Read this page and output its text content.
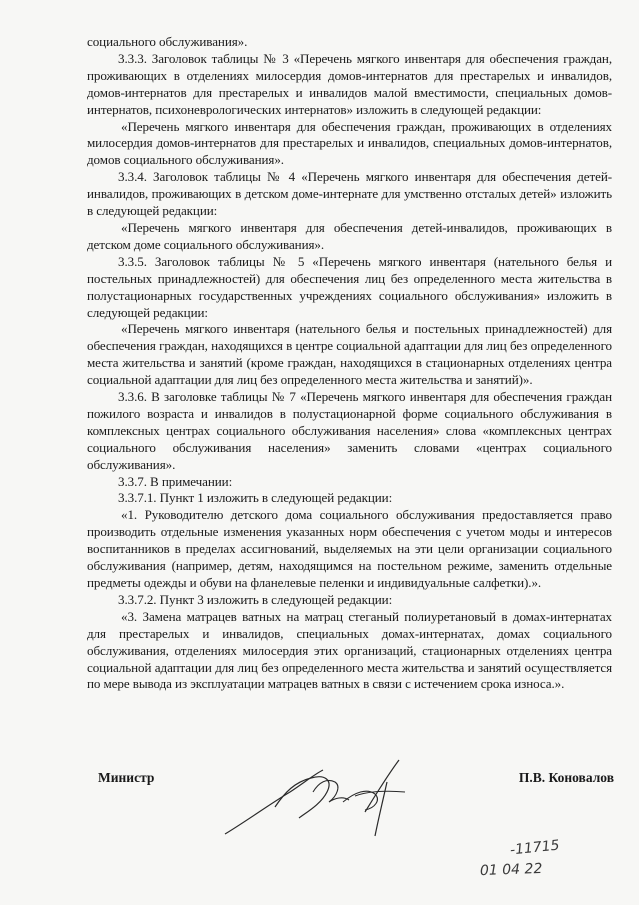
социального обслуживания».

3.3.3. Заголовок таблицы № 3 «Перечень мягкого инвентаря для обеспечения граждан, проживающих в отделениях милосердия домов-интернатов для престарелых и инвалидов, домов-интернатов для престарелых и инвалидов малой вместимости, специальных домов-интернатов, психоневрологических интернатов» изложить в следующей редакции:

«Перечень мягкого инвентаря для обеспечения граждан, проживающих в отделениях милосердия домов-интернатов для престарелых и инвалидов, специальных домов-интернатов, домов социального обслуживания».

3.3.4. Заголовок таблицы № 4 «Перечень мягкого инвентаря для обеспечения детей-инвалидов, проживающих в детском доме-интернате для умственно отсталых детей» изложить в следующей редакции:

«Перечень мягкого инвентаря для обеспечения детей-инвалидов, проживающих в детском доме социального обслуживания».

3.3.5. Заголовок таблицы № 5 «Перечень мягкого инвентаря (нательного белья и постельных принадлежностей) для обеспечения лиц без определенного места жительства в полустационарных государственных учреждениях социального обслуживания» изложить в следующей редакции:

«Перечень мягкого инвентаря (нательного белья и постельных принадлежностей) для обеспечения граждан, находящихся в центре социальной адаптации для лиц без определенного места жительства и занятий (кроме граждан, находящихся в стационарных отделениях центра социальной адаптации для лиц без определенного места жительства и занятий)».

3.3.6. В заголовке таблицы № 7 «Перечень мягкого инвентаря для обеспечения граждан пожилого возраста и инвалидов в полустационарной форме социального обслуживания в комплексных центрах социального обслуживания населения» слова «комплексных центрах социального обслуживания населения» заменить словами «центрах социального обслуживания».

3.3.7. В примечании:

3.3.7.1. Пункт 1 изложить в следующей редакции:

«1. Руководителю детского дома социального обслуживания предоставляется право производить отдельные изменения указанных норм обеспечения с учетом моды и интересов воспитанников в пределах ассигнований, выделяемых на эти цели организации социального обслуживания (например, детям, находящимся на постельном режиме, заменить отдельные предметы одежды и обуви на фланелевые пеленки и индивидуальные салфетки).».

3.3.7.2. Пункт 3 изложить в следующей редакции:

«3. Замена матрацев ватных на матрац стеганый полиуретановый в домах-интернатах для престарелых и инвалидов, специальных домах-интернатах, домах социального обслуживания, отделениях милосердия этих организаций, стационарных отделениях центра социальной адаптации для лиц без определенного места жительства и занятий осуществляется по мере вывода из эксплуатации матрацев ватных в связи с истечением срока износа.».

Министр	П.В. Коновалов
-11715
01 04 22
